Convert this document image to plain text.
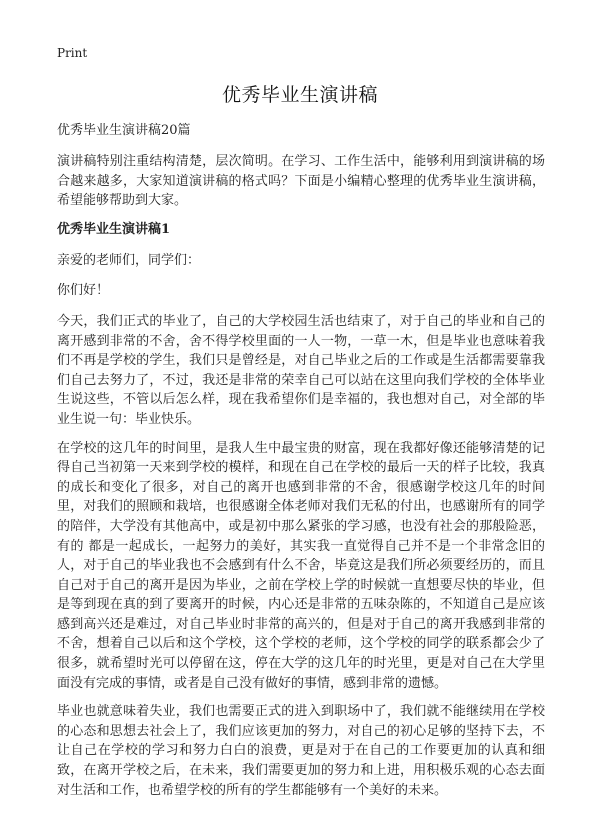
Print
优秀毕业生演讲稿

优秀毕业生演讲稿20篇

演讲稿特别注重结构清楚，层次简明。在学习、工作生活中，能够利用到演讲稿的场合越来越多，大家知道演讲稿的格式吗？下面是小编精心整理的优秀毕业生演讲稿，希望能够帮助到大家。

优秀毕业生演讲稿1

亲爱的老师们，同学们：

你们好！

今天，我们正式的毕业了，自己的大学校园生活也结束了，对于自己的毕业和自己的离开感到非常的不舍，舍不得学校里面的一人一物，一草一木，但是毕业也意味着我们不再是学校的学生，我们只是曾经是，对自己毕业之后的工作或是生活都需要靠我们自己去努力了，不过，我还是非常的荣幸自己可以站在这里向我们学校的全体毕业生说这些，不管以后怎么样，现在我希望你们是幸福的，我也想对自己，对全部的毕业生说一句：毕业快乐。

在学校的这几年的时间里，是我人生中最宝贵的财富，现在我都好像还能够清楚的记得自己当初第一天来到学校的模样，和现在自己在学校的最后一天的样子比较，我真的成长和变化了很多，对自己的离开也感到非常的不舍，很感谢学校这几年的时间里，对我们的照顾和栽培，也很感谢全体老师对我们无私的付出，也感谢所有的同学的陪伴，大学没有其他高中，或是初中那么紧张的学习感，也没有社会的那般险恶，有的 都是一起成长，一起努力的美好，其实我一直觉得自己并不是一个非常念旧的人，对于自己的毕业我也不会感到有什么不舍，毕竟这是我们所必须要经历的，而且自己对于自己的离开是因为毕业，之前在学校上学的时候就一直想要尽快的毕业，但是等到现在真的到了要离开的时候，内心还是非常的五味杂陈的，不知道自己是应该感到高兴还是难过，对自己毕业时非常的高兴的，但是对于自己的离开我感到非常的不舍，想着自己以后和这个学校，这个学校的老师，这个学校的同学的联系都会少了很多，就希望时光可以停留在这，停在大学的这几年的时光里，更是对自己在大学里面没有完成的事情，或者是自己没有做好的事情，感到非常的遗憾。

毕业也就意味着失业，我们也需要正式的进入到职场中了，我们就不能继续用在学校的心态和思想去社会上了，我们应该更加的努力，对自己的初心足够的坚持下去，不让自己在学校的学习和努力白白的浪费，更是对于在自己的工作要更加的认真和细致，在离开学校之后，在未来，我们需要更加的努力和上进，用积极乐观的心态去面对生活和工作，也希望学校的所有的学生都能够有一个美好的未来。
